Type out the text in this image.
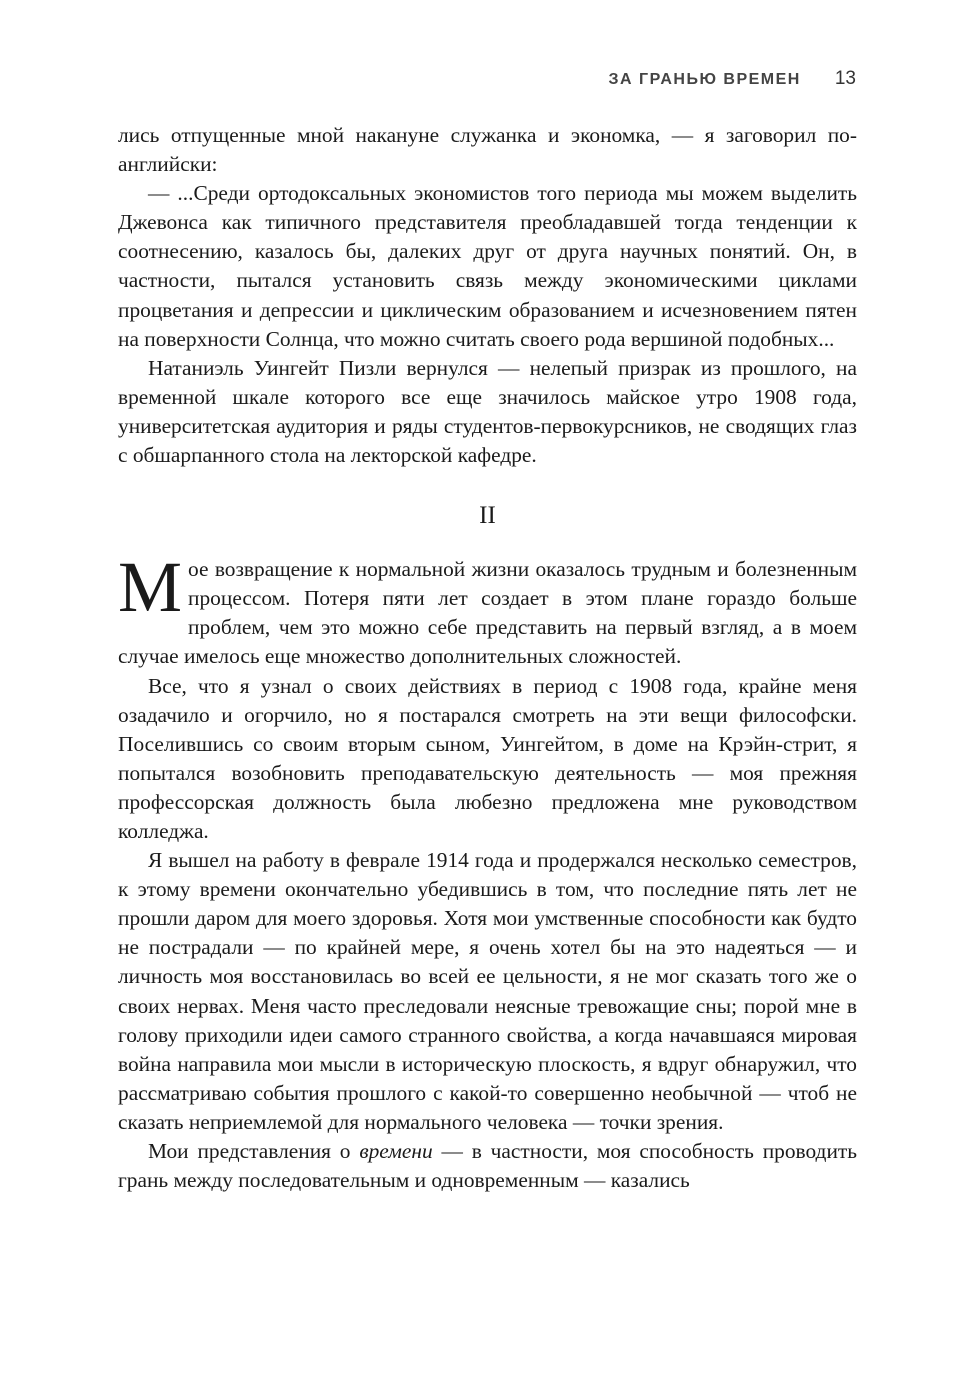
ЗА ГРАНЬЮ ВРЕМЕН 13

лись отпущенные мной накануне служанка и экономка, — я заговорил по-английски:

— ...Среди ортодоксальных экономистов того периода мы можем выделить Джевонса как типичного представителя преобладавшей тогда тенденции к соотнесению, казалось бы, далеких друг от друга научных понятий. Он, в частности, пытался установить связь между экономическими циклами процветания и депрессии и циклическим образованием и исчезновением пятен на поверхности Солнца, что можно считать своего рода вершиной подобных...

Натаниэль Уингейт Пизли вернулся — нелепый призрак из прошлого, на временной шкале которого все еще значилось майское утро 1908 года, университетская аудитория и ряды студентов-первокурсников, не сводящих глаз с обшарпанного стола на лекторской кафедре.

II

Мое возвращение к нормальной жизни оказалось трудным и болезненным процессом. Потеря пяти лет создает в этом плане гораздо больше проблем, чем это можно себе представить на первый взгляд, а в моем случае имелось еще множество дополнительных сложностей.

Все, что я узнал о своих действиях в период с 1908 года, крайне меня озадачило и огорчило, но я постарался смотреть на эти вещи философски. Поселившись со своим вторым сыном, Уингейтом, в доме на Крэйн-стрит, я попытался возобновить преподавательскую деятельность — моя прежняя профессорская должность была любезно предложена мне руководством колледжа.

Я вышел на работу в феврале 1914 года и продержался несколько семестров, к этому времени окончательно убедившись в том, что последние пять лет не прошли даром для моего здоровья. Хотя мои умственные способности как будто не пострадали — по крайней мере, я очень хотел бы на это надеяться — и личность моя восстановилась во всей ее цельности, я не мог сказать того же о своих нервах. Меня часто преследовали неясные тревожащие сны; порой мне в голову приходили идеи самого странного свойства, а когда начавшаяся мировая война направила мои мысли в историческую плоскость, я вдруг обнаружил, что рассматриваю события прошлого с какой-то совершенно необычной — чтоб не сказать неприемлемой для нормального человека — точки зрения.

Мои представления о времени — в частности, моя способность проводить грань между последовательным и одновременным — казались
